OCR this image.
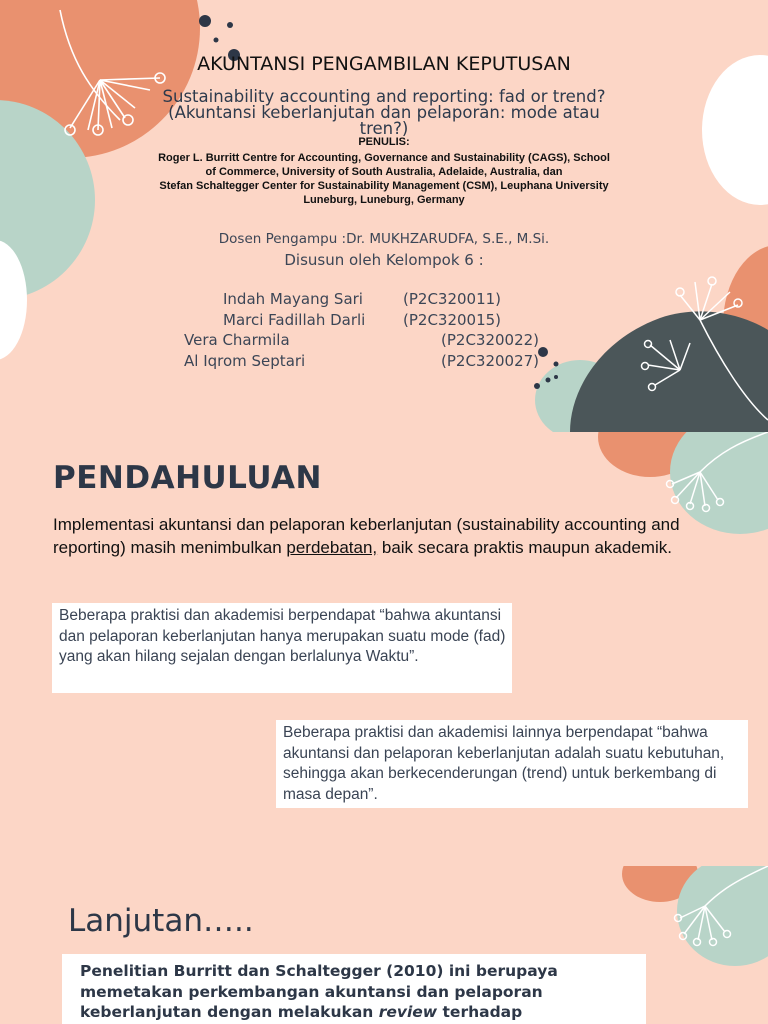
AKUNTANSI PENGAMBILAN KEPUTUSAN
Sustainability accounting and reporting: fad or trend?
(Akuntansi keberlanjutan dan pelaporan: mode atau
tren?)
PENULIS:
Roger L. Burritt Centre for Accounting, Governance and Sustainability (CAGS), School
of Commerce, University of South Australia, Adelaide, Australia, dan
Stefan Schaltegger Center for Sustainability Management (CSM), Leuphana University
Luneburg, Luneburg, Germany
Dosen Pengampu :Dr. MUKHZARUDFA, S.E., M.Si.
Disusun oleh Kelompok 6 :
Indah Mayang Sari	(P2C320011)
Marci Fadillah Darli	(P2C320015)
Vera Charmila	(P2C320022)
Al Iqrom Septari	(P2C320027)
PENDAHULUAN
Implementasi akuntansi dan pelaporan keberlanjutan (sustainability accounting and reporting) masih menimbulkan perdebatan, baik secara praktis maupun akademik.
Beberapa praktisi dan akademisi berpendapat “bahwa akuntansi dan pelaporan keberlanjutan hanya merupakan suatu mode (fad) yang akan hilang sejalan dengan berlalunya Waktu”.
Beberapa praktisi dan akademisi lainnya berpendapat “bahwa akuntansi dan pelaporan keberlanjutan adalah suatu kebutuhan, sehingga akan berkecenderungan (trend) untuk berkembang di masa depan”.
Lanjutan…..
Penelitian Burritt dan Schaltegger (2010) ini berupaya memetakan perkembangan akuntansi dan pelaporan keberlanjutan dengan melakukan review terhadap
